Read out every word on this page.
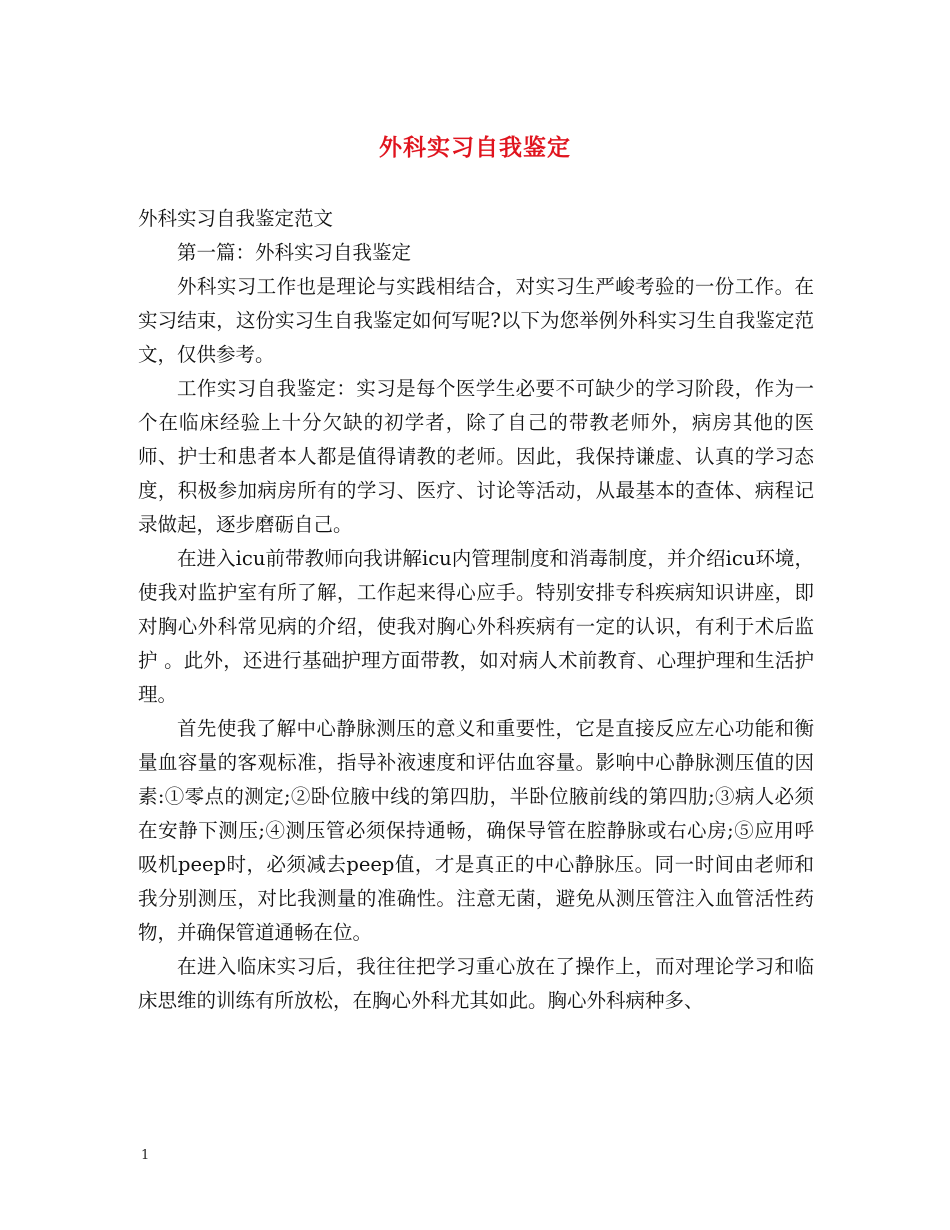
外科实习自我鉴定

外科实习自我鉴定范文

第一篇：外科实习自我鉴定

外科实习工作也是理论与实践相结合，对实习生严峻考验的一份工作。在实习结束，这份实习生自我鉴定如何写呢?以下为您举例外科实习生自我鉴定范文，仅供参考。

工作实习自我鉴定：实习是每个医学生必要不可缺少的学习阶段，作为一个在临床经验上十分欠缺的初学者，除了自己的带教老师外，病房其他的医师、护士和患者本人都是值得请教的老师。因此，我保持谦虚、认真的学习态度，积极参加病房所有的学习、医疗、讨论等活动，从最基本的查体、病程记录做起，逐步磨砺自己。

在进入icu前带教师向我讲解icu内管理制度和消毒制度，并介绍icu环境，使我对监护室有所了解，工作起来得心应手。特别安排专科疾病知识讲座，即对胸心外科常见病的介绍，使我对胸心外科疾病有一定的认识，有利于术后监护 。此外，还进行基础护理方面带教，如对病人术前教育、心理护理和生活护理。

首先使我了解中心静脉测压的意义和重要性，它是直接反应左心功能和衡量血容量的客观标准，指导补液速度和评估血容量。影响中心静脉测压值的因素:①零点的测定;②卧位腋中线的第四肋，半卧位腋前线的第四肋;③病人必须在安静下测压;④测压管必须保持通畅，确保导管在腔静脉或右心房;⑤应用呼吸机peep时，必须减去peep值，才是真正的中心静脉压。同一时间由老师和我分别测压，对比我测量的准确性。注意无菌，避免从测压管注入血管活性药物，并确保管道通畅在位。

在进入临床实习后，我往往把学习重心放在了操作上，而对理论学习和临床思维的训练有所放松，在胸心外科尤其如此。胸心外科病种多、

1
